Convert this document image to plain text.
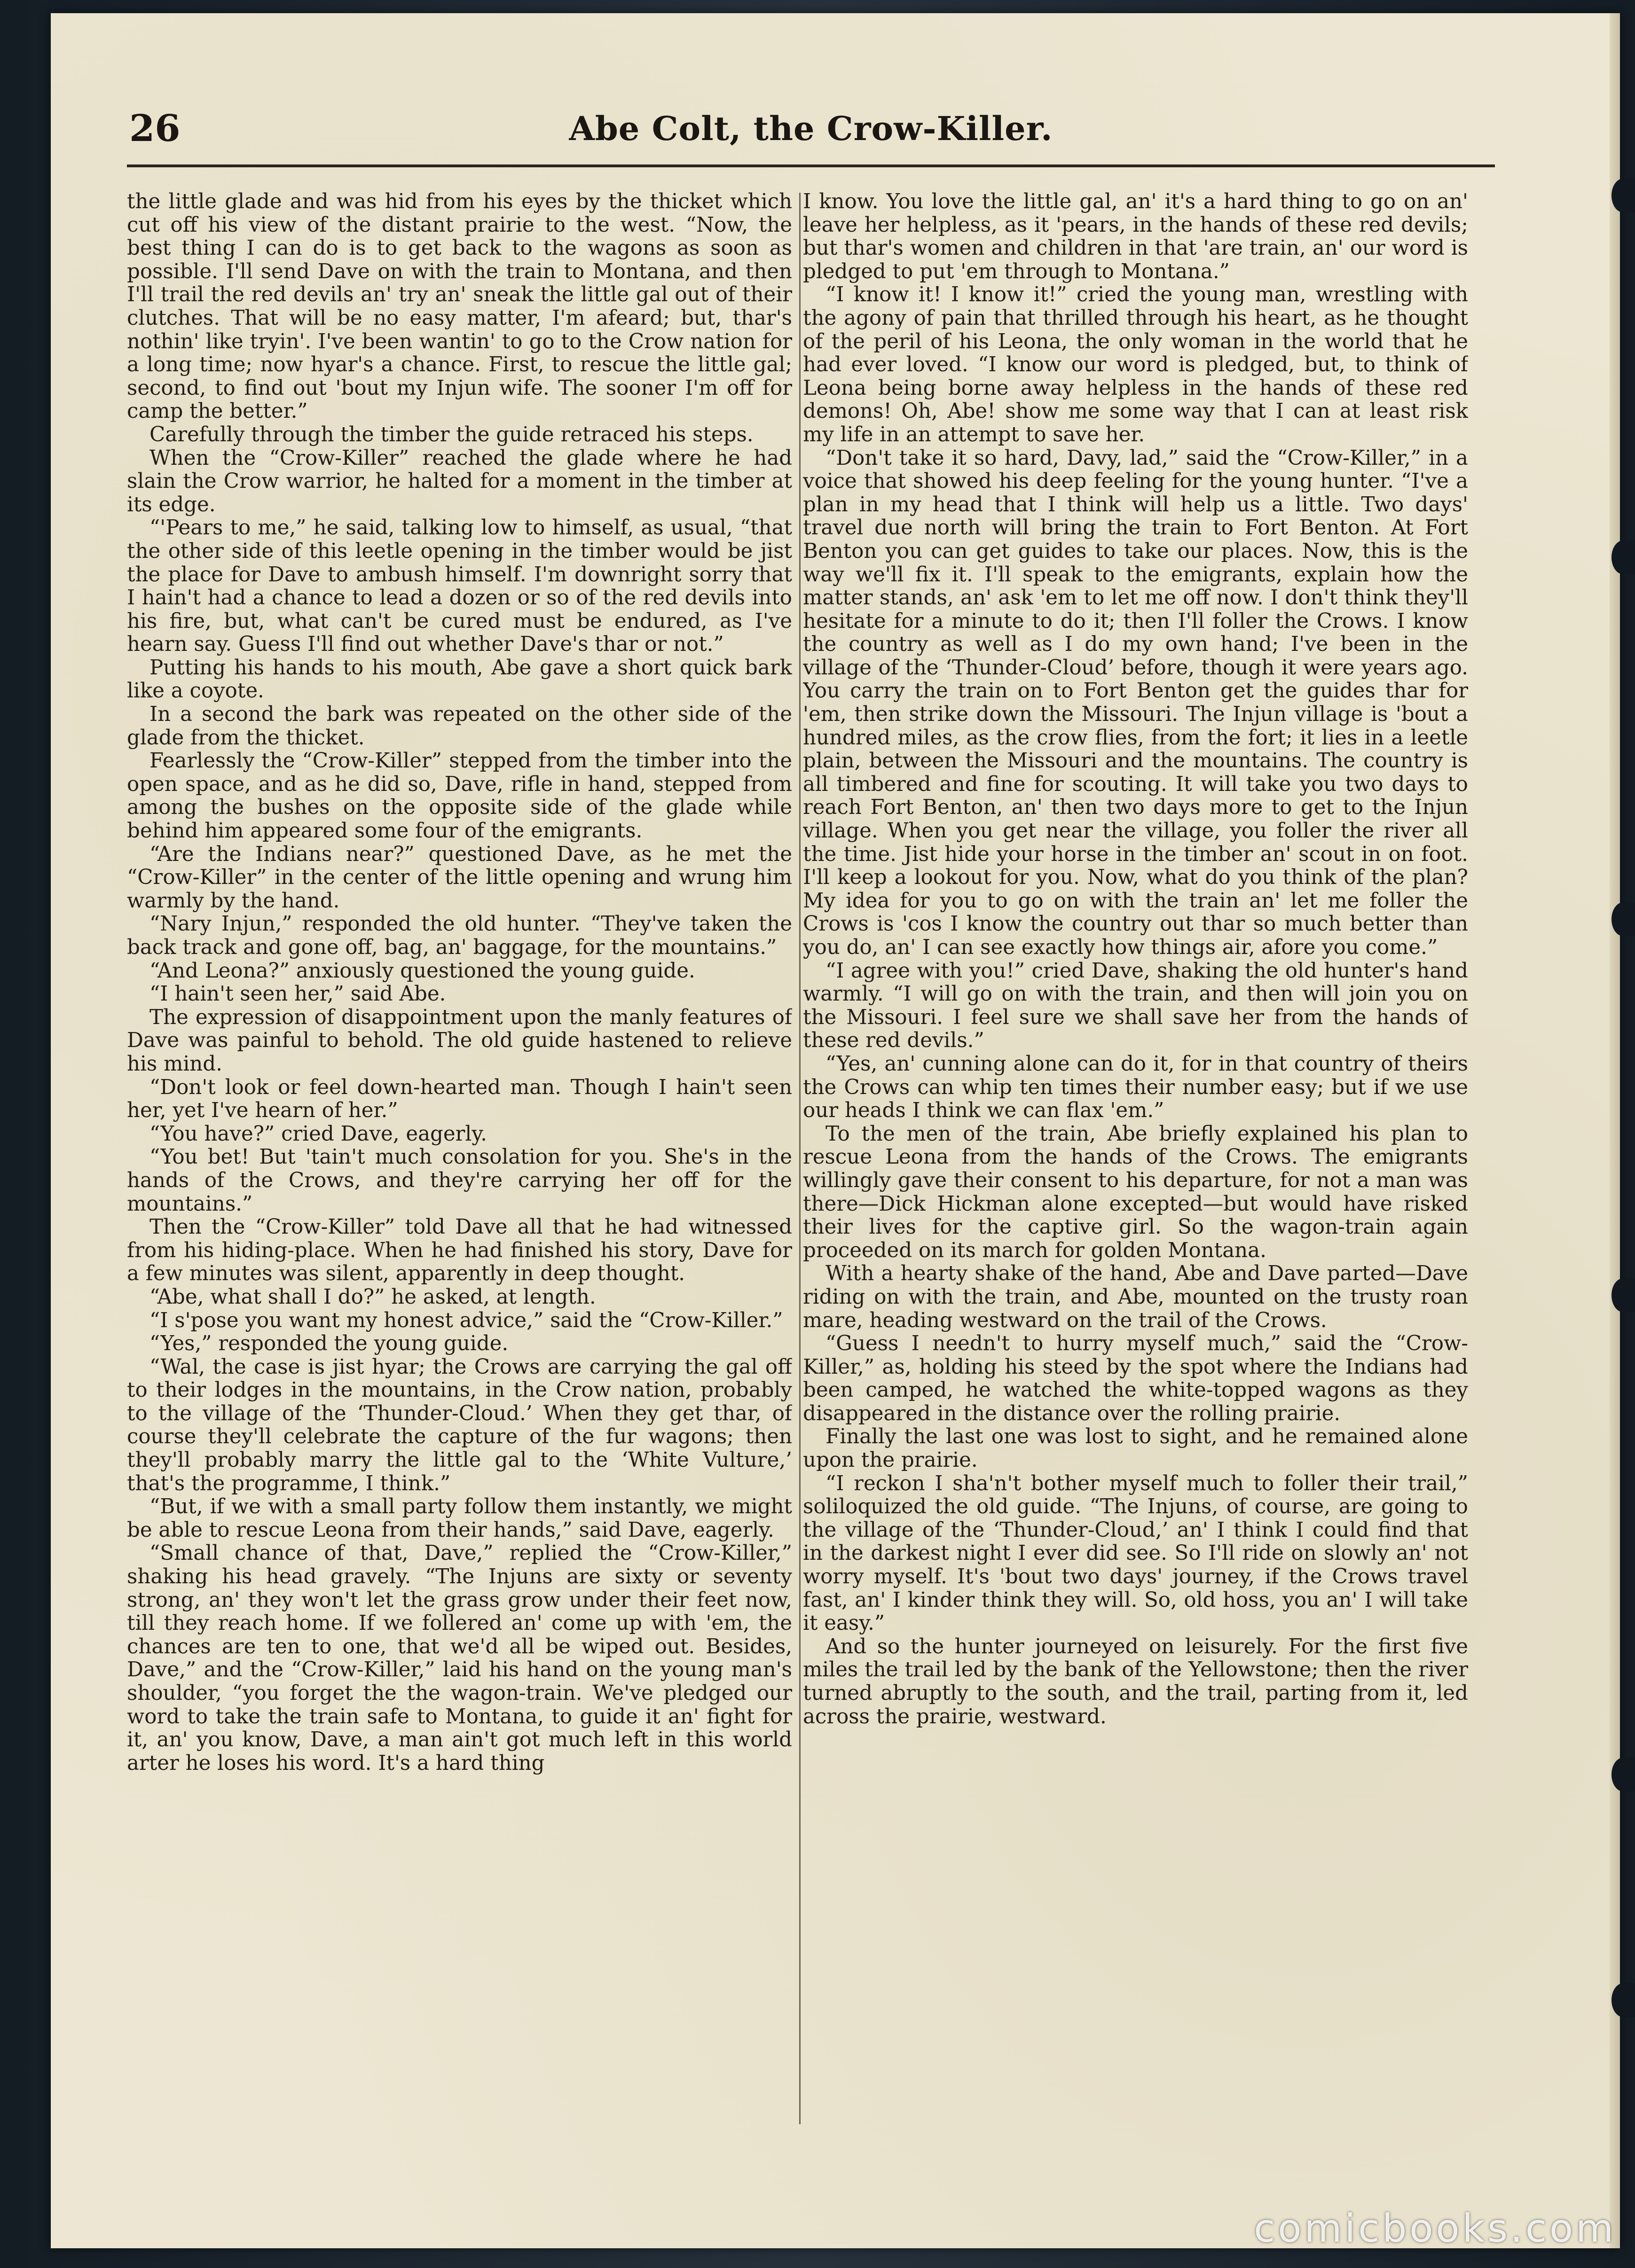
26	Abe Colt, the Crow-Killer.

the little glade and was hid from his eyes by the thicket which cut off his view of the distant prairie to the west. “Now, the best thing I can do is to get back to the wagons as soon as possible. I'll send Dave on with the train to Montana, and then I'll trail the red devils an' try an' sneak the little gal out of their clutches. That will be no easy matter, I'm afeard; but, thar's nothin' like tryin'. I've been wantin' to go to the Crow nation for a long time; now hyar's a chance. First, to rescue the little gal; second, to find out 'bout my Injun wife. The sooner I'm off for camp the better.”

Carefully through the timber the guide retraced his steps.

When the “Crow-Killer” reached the glade where he had slain the Crow warrior, he halted for a moment in the timber at its edge.

“'Pears to me,” he said, talking low to himself, as usual, “that the other side of this leetle opening in the timber would be jist the place for Dave to ambush himself. I'm downright sorry that I hain't had a chance to lead a dozen or so of the red devils into his fire, but, what can't be cured must be endured, as I've hearn say. Guess I'll find out whether Dave's thar or not.”

Putting his hands to his mouth, Abe gave a short quick bark like a coyote.

In a second the bark was repeated on the other side of the glade from the thicket.

Fearlessly the “Crow-Killer” stepped from the timber into the open space, and as he did so, Dave, rifle in hand, stepped from among the bushes on the opposite side of the glade while behind him appeared some four of the emigrants.

“Are the Indians near?” questioned Dave, as he met the “Crow-Killer” in the center of the little opening and wrung him warmly by the hand.

“Nary Injun,” responded the old hunter. “They've taken the back track and gone off, bag, an' baggage, for the mountains.”

“And Leona?” anxiously questioned the young guide.

“I hain't seen her,” said Abe.

The expression of disappointment upon the manly features of Dave was painful to behold. The old guide hastened to relieve his mind.

“Don't look or feel down-hearted man. Though I hain't seen her, yet I've hearn of her.”

“You have?” cried Dave, eagerly.

“You bet! But 'tain't much consolation for you. She's in the hands of the Crows, and they're carrying her off for the mountains.”

Then the “Crow-Killer” told Dave all that he had witnessed from his hiding-place. When he had finished his story, Dave for a few minutes was silent, apparently in deep thought.

“Abe, what shall I do?” he asked, at length.

“I s'pose you want my honest advice,” said the “Crow-Killer.”

“Yes,” responded the young guide.

“Wal, the case is jist hyar; the Crows are carrying the gal off to their lodges in the mountains, in the Crow nation, probably to the village of the ‘Thunder-Cloud.’ When they get thar, of course they'll celebrate the capture of the fur wagons; then they'll probably marry the little gal to the ‘White Vulture,’ that's the programme, I think.”

“But, if we with a small party follow them instantly, we might be able to rescue Leona from their hands,” said Dave, eagerly.

“Small chance of that, Dave,” replied the “Crow-Killer,” shaking his head gravely. “The Injuns are sixty or seventy strong, an' they won't let the grass grow under their feet now, till they reach home. If we follered an' come up with 'em, the chances are ten to one, that we'd all be wiped out. Besides, Dave,” and the “Crow-Killer,” laid his hand on the young man's shoulder, “you forget the the wagon-train. We've pledged our word to take the train safe to Montana, to guide it an' fight for it, an' you know, Dave, a man ain't got much left in this world arter he loses his word. It's a hard thing

I know. You love the little gal, an' it's a hard thing to go on an' leave her helpless, as it 'pears, in the hands of these red devils; but thar's women and children in that 'are train, an' our word is pledged to put 'em through to Montana.”

“I know it! I know it!” cried the young man, wrestling with the agony of pain that thrilled through his heart, as he thought of the peril of his Leona, the only woman in the world that he had ever loved. “I know our word is pledged, but, to think of Leona being borne away helpless in the hands of these red demons! Oh, Abe! show me some way that I can at least risk my life in an attempt to save her.

“Don't take it so hard, Davy, lad,” said the “Crow-Killer,” in a voice that showed his deep feeling for the young hunter. “I've a plan in my head that I think will help us a little. Two days' travel due north will bring the train to Fort Benton. At Fort Benton you can get guides to take our places. Now, this is the way we'll fix it. I'll speak to the emigrants, explain how the matter stands, an' ask 'em to let me off now. I don't think they'll hesitate for a minute to do it; then I'll foller the Crows. I know the country as well as I do my own hand; I've been in the village of the ‘Thunder-Cloud’ before, though it were years ago. You carry the train on to Fort Benton get the guides thar for 'em, then strike down the Missouri. The Injun village is 'bout a hundred miles, as the crow flies, from the fort; it lies in a leetle plain, between the Missouri and the mountains. The country is all timbered and fine for scouting. It will take you two days to reach Fort Benton, an' then two days more to get to the Injun village. When you get near the village, you foller the river all the time. Jist hide your horse in the timber an' scout in on foot. I'll keep a lookout for you. Now, what do you think of the plan? My idea for you to go on with the train an' let me foller the Crows is 'cos I know the country out thar so much better than you do, an' I can see exactly how things air, afore you come.”

“I agree with you!” cried Dave, shaking the old hunter's hand warmly. “I will go on with the train, and then will join you on the Missouri. I feel sure we shall save her from the hands of these red devils.”

“Yes, an' cunning alone can do it, for in that country of theirs the Crows can whip ten times their number easy; but if we use our heads I think we can flax 'em.”

To the men of the train, Abe briefly explained his plan to rescue Leona from the hands of the Crows. The emigrants willingly gave their consent to his departure, for not a man was there—Dick Hickman alone excepted—but would have risked their lives for the captive girl. So the wagon-train again proceeded on its march for golden Montana.

With a hearty shake of the hand, Abe and Dave parted—Dave riding on with the train, and Abe, mounted on the trusty roan mare, heading westward on the trail of the Crows.

“Guess I needn't to hurry myself much,” said the “Crow-Killer,” as, holding his steed by the spot where the Indians had been camped, he watched the white-topped wagons as they disappeared in the distance over the rolling prairie.

Finally the last one was lost to sight, and he remained alone upon the prairie.

“I reckon I sha'n't bother myself much to foller their trail,” soliloquized the old guide. “The Injuns, of course, are going to the village of the ‘Thunder-Cloud,’ an' I think I could find that in the darkest night I ever did see. So I'll ride on slowly an' not worry myself. It's 'bout two days' journey, if the Crows travel fast, an' I kinder think they will. So, old hoss, you an' I will take it easy.”

And so the hunter journeyed on leisurely. For the first five miles the trail led by the bank of the Yellowstone; then the river turned abruptly to the south, and the trail, parting from it, led across the prairie, westward.

comicbooks.com
